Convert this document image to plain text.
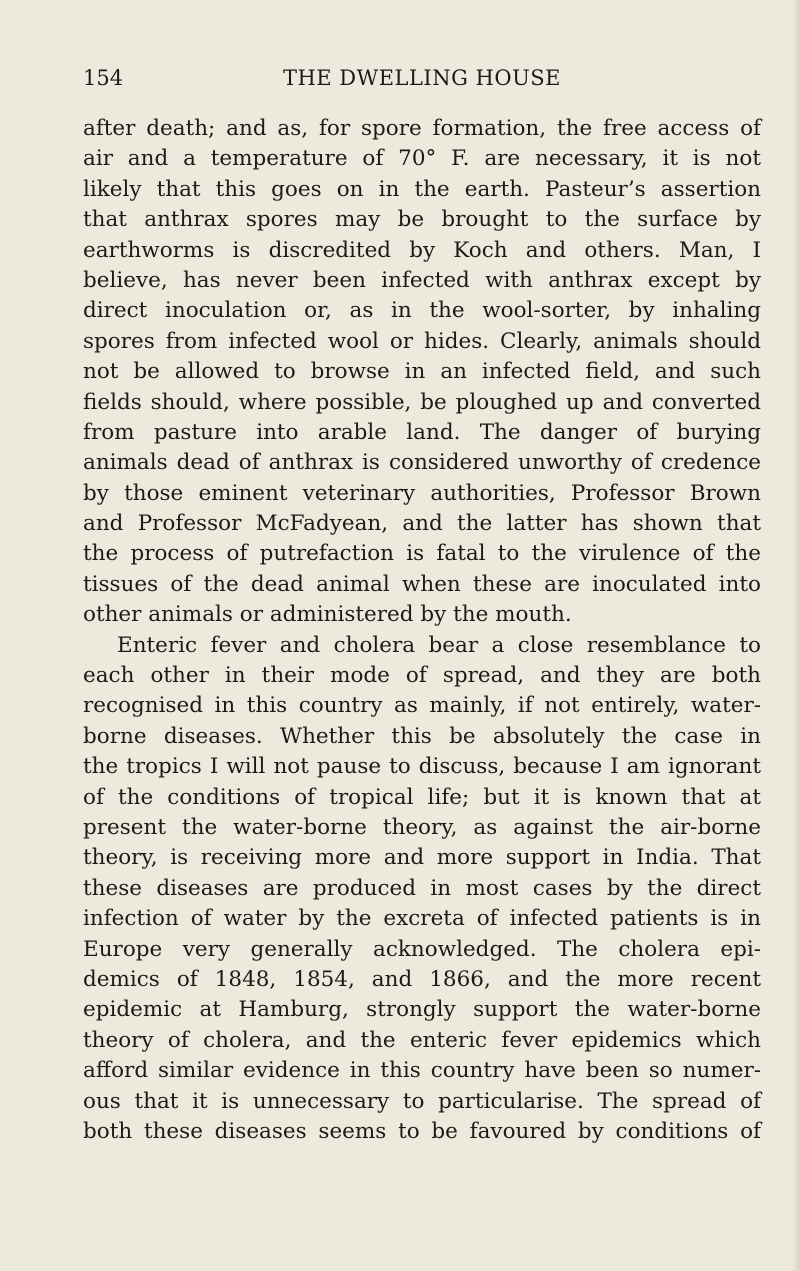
154	THE DWELLING HOUSE
after death; and as, for spore formation, the free access of
air and a temperature of 70° F. are necessary, it is not
likely that this goes on in the earth. Pasteur’s assertion
that anthrax spores may be brought to the surface by
earthworms is discredited by Koch and others. Man, I
believe, has never been infected with anthrax except by
direct inoculation or, as in the wool-sorter, by inhaling
spores from infected wool or hides. Clearly, animals should
not be allowed to browse in an infected field, and such
fields should, where possible, be ploughed up and converted
from pasture into arable land. The danger of burying
animals dead of anthrax is considered unworthy of credence
by those eminent veterinary authorities, Professor Brown
and Professor McFadyean, and the latter has shown that
the process of putrefaction is fatal to the virulence of the
tissues of the dead animal when these are inoculated into
other animals or administered by the mouth.
Enteric fever and cholera bear a close resemblance to
each other in their mode of spread, and they are both
recognised in this country as mainly, if not entirely, water-
borne diseases. Whether this be absolutely the case in
the tropics I will not pause to discuss, because I am ignorant
of the conditions of tropical life; but it is known that at
present the water-borne theory, as against the air-borne
theory, is receiving more and more support in India. That
these diseases are produced in most cases by the direct
infection of water by the excreta of infected patients is in
Europe very generally acknowledged. The cholera epi-
demics of 1848, 1854, and 1866, and the more recent
epidemic at Hamburg, strongly support the water-borne
theory of cholera, and the enteric fever epidemics which
afford similar evidence in this country have been so numer-
ous that it is unnecessary to particularise. The spread of
both these diseases seems to be favoured by conditions of
